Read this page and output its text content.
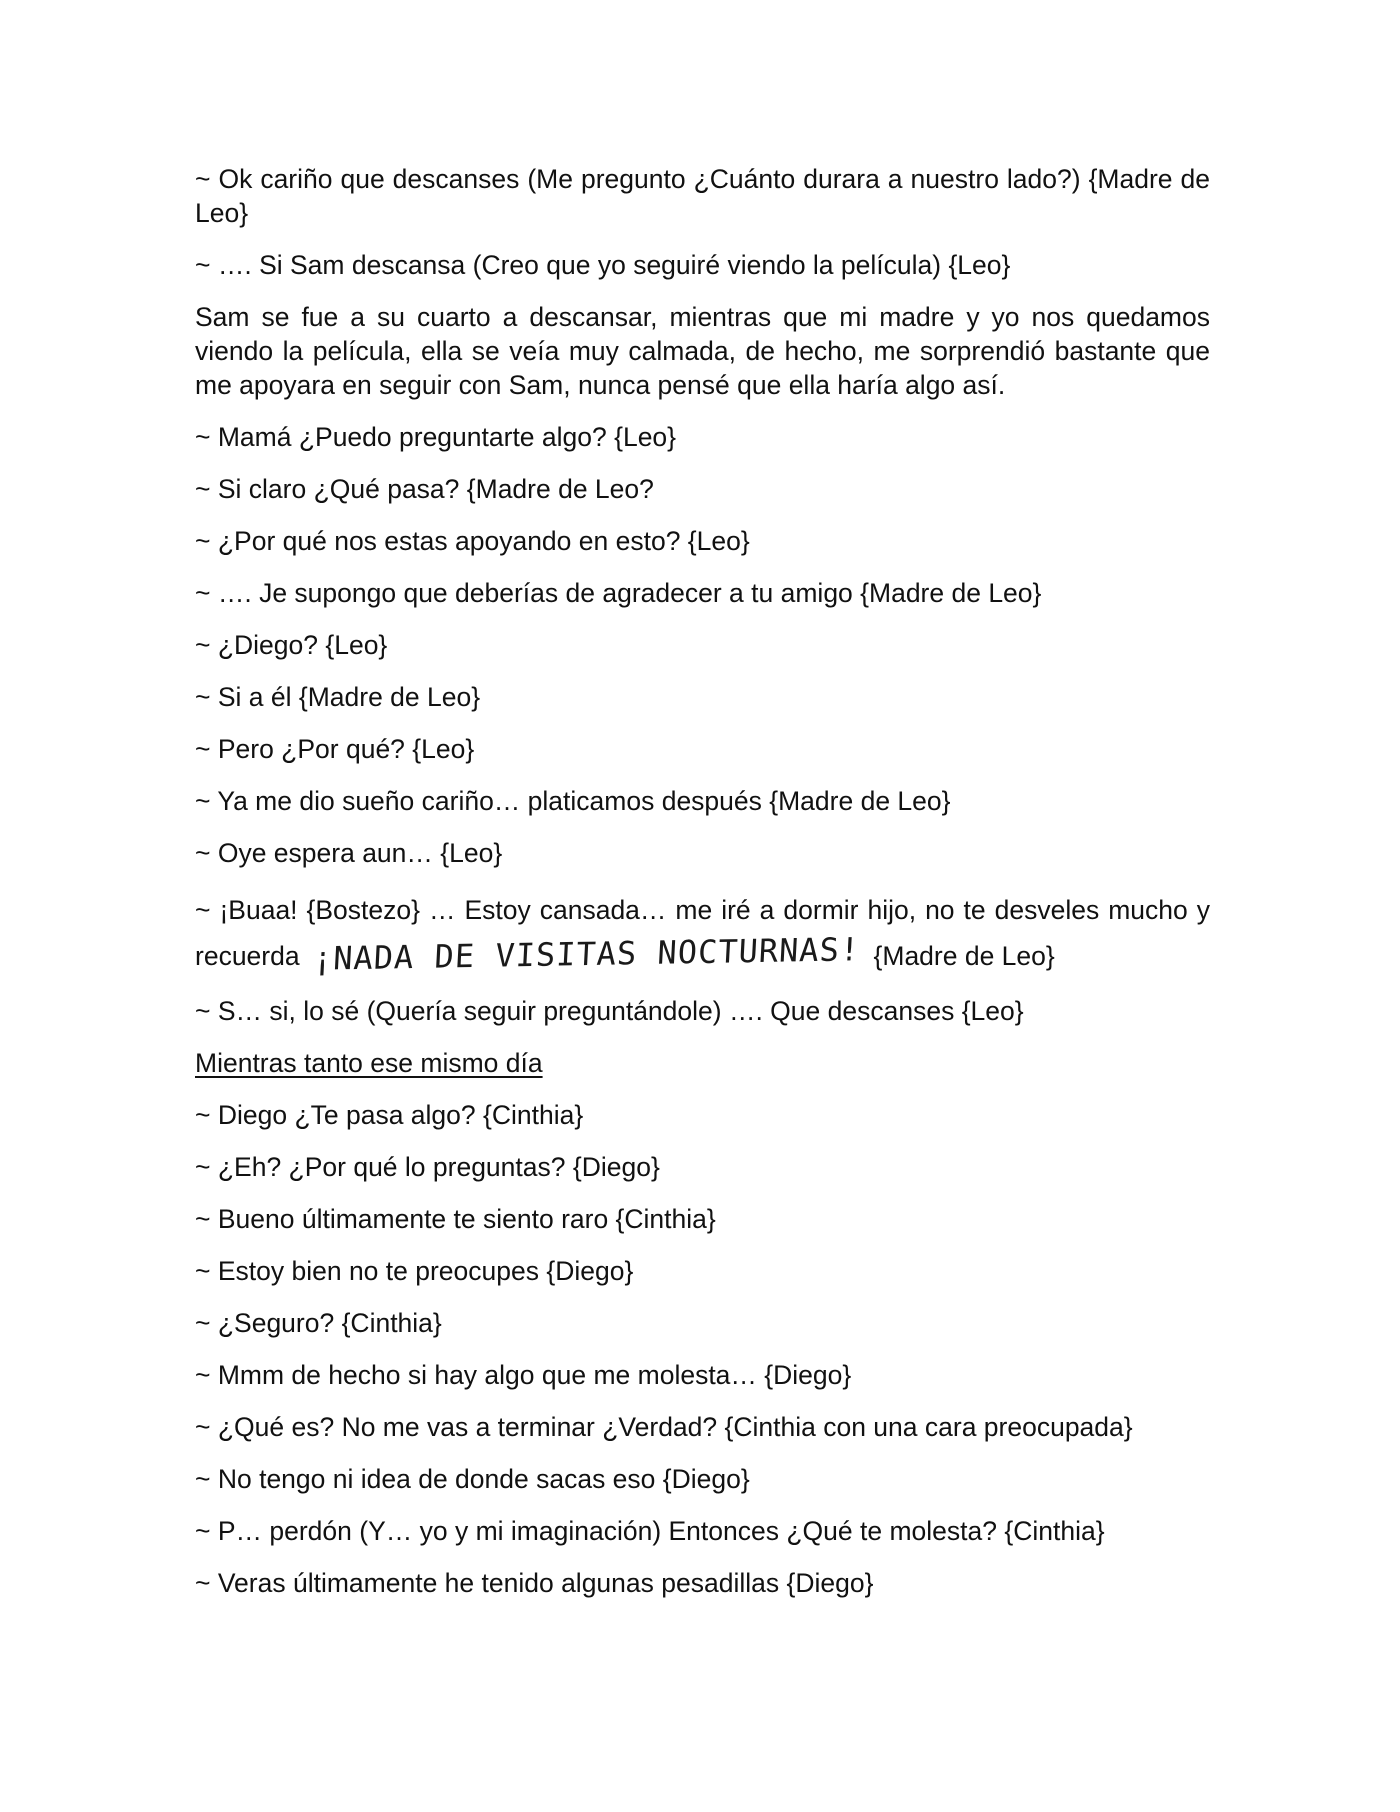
~ Ok cariño que descanses (Me pregunto ¿Cuánto durara a nuestro lado?) {Madre de Leo}

~ …. Si Sam descansa (Creo que yo seguiré viendo la película) {Leo}

Sam se fue a su cuarto a descansar, mientras que mi madre y yo nos quedamos viendo la película, ella se veía muy calmada, de hecho, me sorprendió bastante que me apoyara en seguir con Sam, nunca pensé que ella haría algo así.

~ Mamá ¿Puedo preguntarte algo? {Leo}

~ Si claro ¿Qué pasa? {Madre de Leo?

~ ¿Por qué nos estas apoyando en esto? {Leo}

~ …. Je supongo que deberías de agradecer a tu amigo {Madre de Leo}

~ ¿Diego? {Leo}

~ Si a él {Madre de Leo}

~ Pero ¿Por qué? {Leo}

~ Ya me dio sueño cariño… platicamos después {Madre de Leo}

~ Oye espera aun… {Leo}

~ ¡Buaa! {Bostezo} … Estoy cansada… me iré a dormir hijo, no te desveles mucho y recuerda ¡NADA DE VISITAS NOCTURNAS! {Madre de Leo}

~ S… si, lo sé (Quería seguir preguntándole) …. Que descanses {Leo}

Mientras tanto ese mismo día

~ Diego ¿Te pasa algo? {Cinthia}

~ ¿Eh? ¿Por qué lo preguntas? {Diego}

~ Bueno últimamente te siento raro {Cinthia}

~ Estoy bien no te preocupes {Diego}

~ ¿Seguro? {Cinthia}

~ Mmm de hecho si hay algo que me molesta… {Diego}

~ ¿Qué es? No me vas a terminar ¿Verdad? {Cinthia con una cara preocupada}

~ No tengo ni idea de donde sacas eso {Diego}

~ P… perdón (Y… yo y mi imaginación) Entonces ¿Qué te molesta? {Cinthia}

~ Veras últimamente he tenido algunas pesadillas {Diego}
